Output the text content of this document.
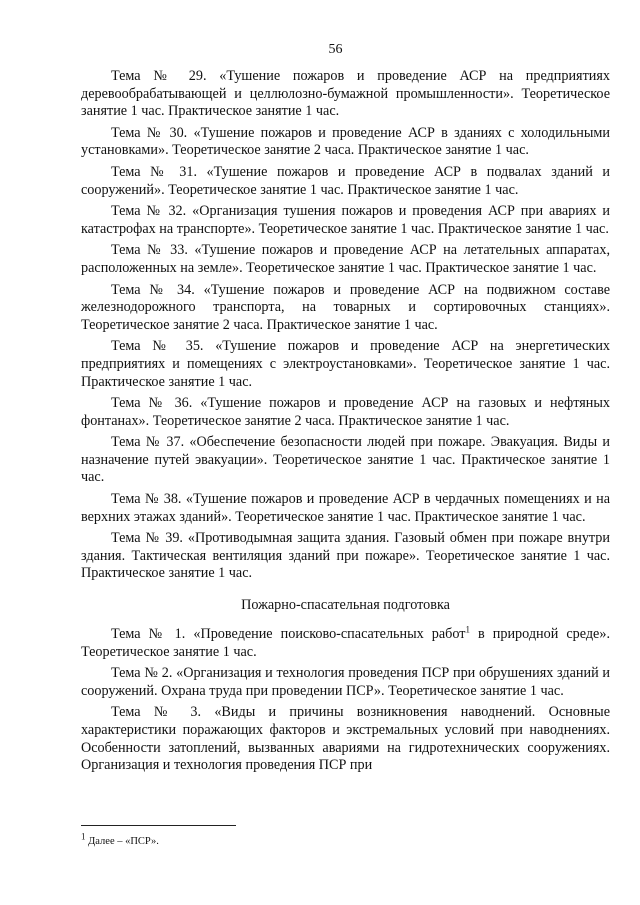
56

Тема № 29. «Тушение пожаров и проведение АСР на предприятиях деревообрабатывающей и целлюлозно-бумажной промышленности». Теоретическое занятие 1 час. Практическое занятие 1 час.

Тема № 30. «Тушение пожаров и проведение АСР в зданиях с холодильными установками». Теоретическое занятие 2 часа. Практическое занятие 1 час.

Тема № 31. «Тушение пожаров и проведение АСР в подвалах зданий и сооружений». Теоретическое занятие 1 час. Практическое занятие 1 час.

Тема № 32. «Организация тушения пожаров и проведения АСР при авариях и катастрофах на транспорте». Теоретическое занятие 1 час. Практическое занятие 1 час.

Тема № 33. «Тушение пожаров и проведение АСР на летательных аппаратах, расположенных на земле». Теоретическое занятие 1 час. Практическое занятие 1 час.

Тема № 34. «Тушение пожаров и проведение АСР на подвижном составе железнодорожного транспорта, на товарных и сортировочных станциях». Теоретическое занятие 2 часа. Практическое занятие 1 час.

Тема № 35. «Тушение пожаров и проведение АСР на энергетических предприятиях и помещениях с электроустановками». Теоретическое занятие 1 час. Практическое занятие 1 час.

Тема № 36. «Тушение пожаров и проведение АСР на газовых и нефтяных фонтанах». Теоретическое занятие 2 часа. Практическое занятие 1 час.

Тема № 37. «Обеспечение безопасности людей при пожаре. Эвакуация. Виды и назначение путей эвакуации». Теоретическое занятие 1 час. Практическое занятие 1 час.

Тема № 38. «Тушение пожаров и проведение АСР в чердачных помещениях и на верхних этажах зданий». Теоретическое занятие 1 час. Практическое занятие 1 час.

Тема № 39. «Противодымная защита здания. Газовый обмен при пожаре внутри здания. Тактическая вентиляция зданий при пожаре». Теоретическое занятие 1 час. Практическое занятие 1 час.

Пожарно-спасательная подготовка

Тема № 1. «Проведение поисково-спасательных работ$^1$ в природной среде». Теоретическое занятие 1 час.

Тема № 2. «Организация и технология проведения ПСР при обрушениях зданий и сооружений. Охрана труда при проведении ПСР». Теоретическое занятие 1 час.

Тема № 3. «Виды и причины возникновения наводнений. Основные характеристики поражающих факторов и экстремальных условий при наводнениях. Особенности затоплений, вызванных авариями на гидротехнических сооружениях. Организация и технология проведения ПСР при

$^1$ Далее – «ПСР».
